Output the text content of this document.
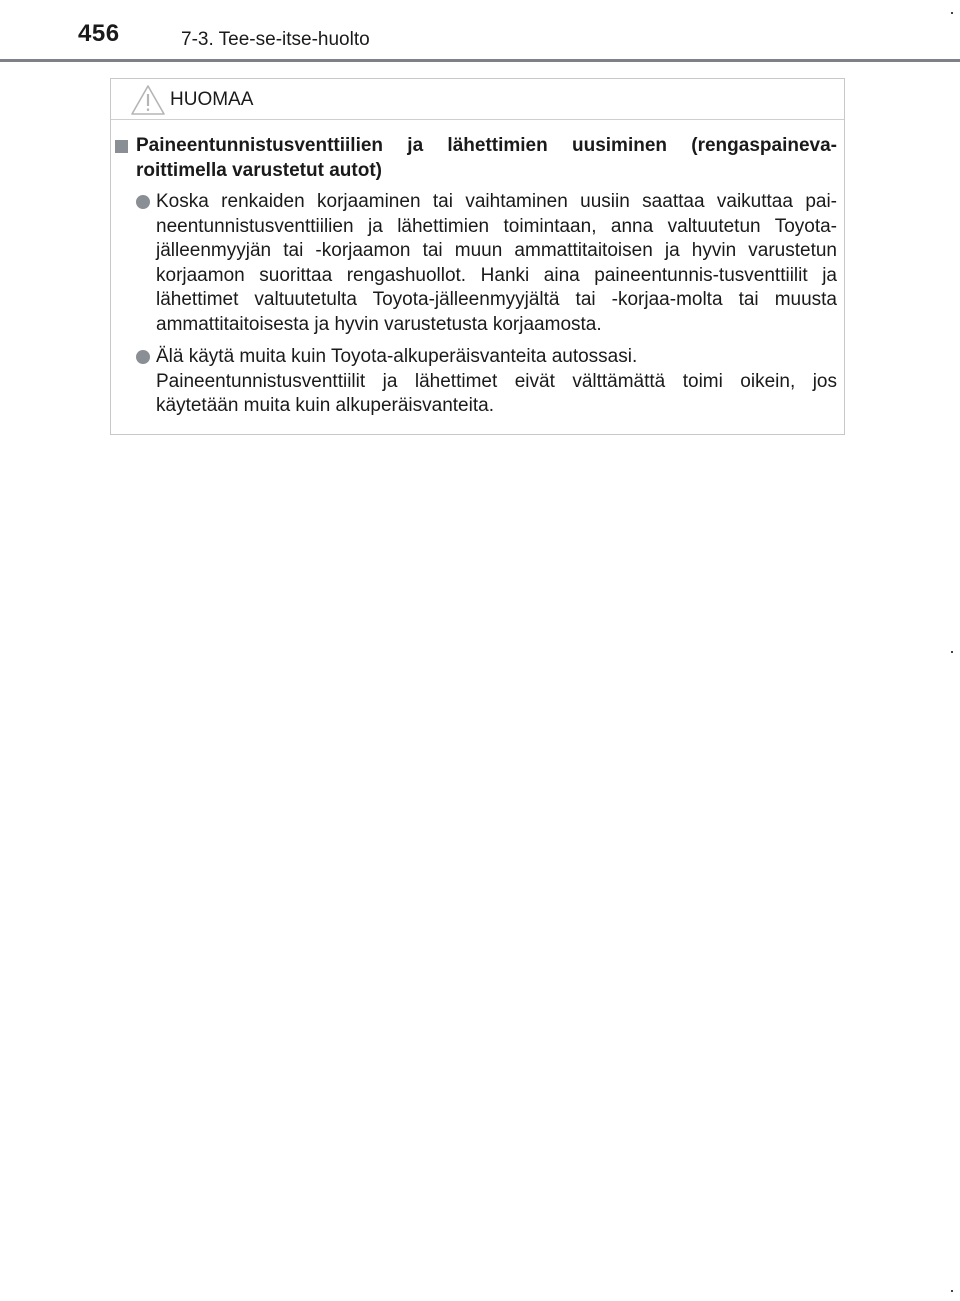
456	7-3. Tee-se-itse-huolto
HUOMAA
Paineentunnistusventtiilien ja lähettimien uusiminen (rengaspaineva-roittimella varustetut autot)
Koska renkaiden korjaaminen tai vaihtaminen uusiin saattaa vaikuttaa pai-neentunnistusventtiilien ja lähettimien toimintaan, anna valtuutetun Toyota-jälleenmyyjän tai -korjaamon tai muun ammattitaitoisen ja hyvin varustetun korjaamon suorittaa rengashuollot. Hanki aina paineentunnis-tusventtiilit ja lähettimet valtuutetulta Toyota-jälleenmyyjältä tai -korjaa-molta tai muusta ammattitaitoisesta ja hyvin varustetusta korjaamosta.
Älä käytä muita kuin Toyota-alkuperäisvanteita autossasi.
Paineentunnistusventtiilit ja lähettimet eivät välttämättä toimi oikein, jos käytetään muita kuin alkuperäisvanteita.
